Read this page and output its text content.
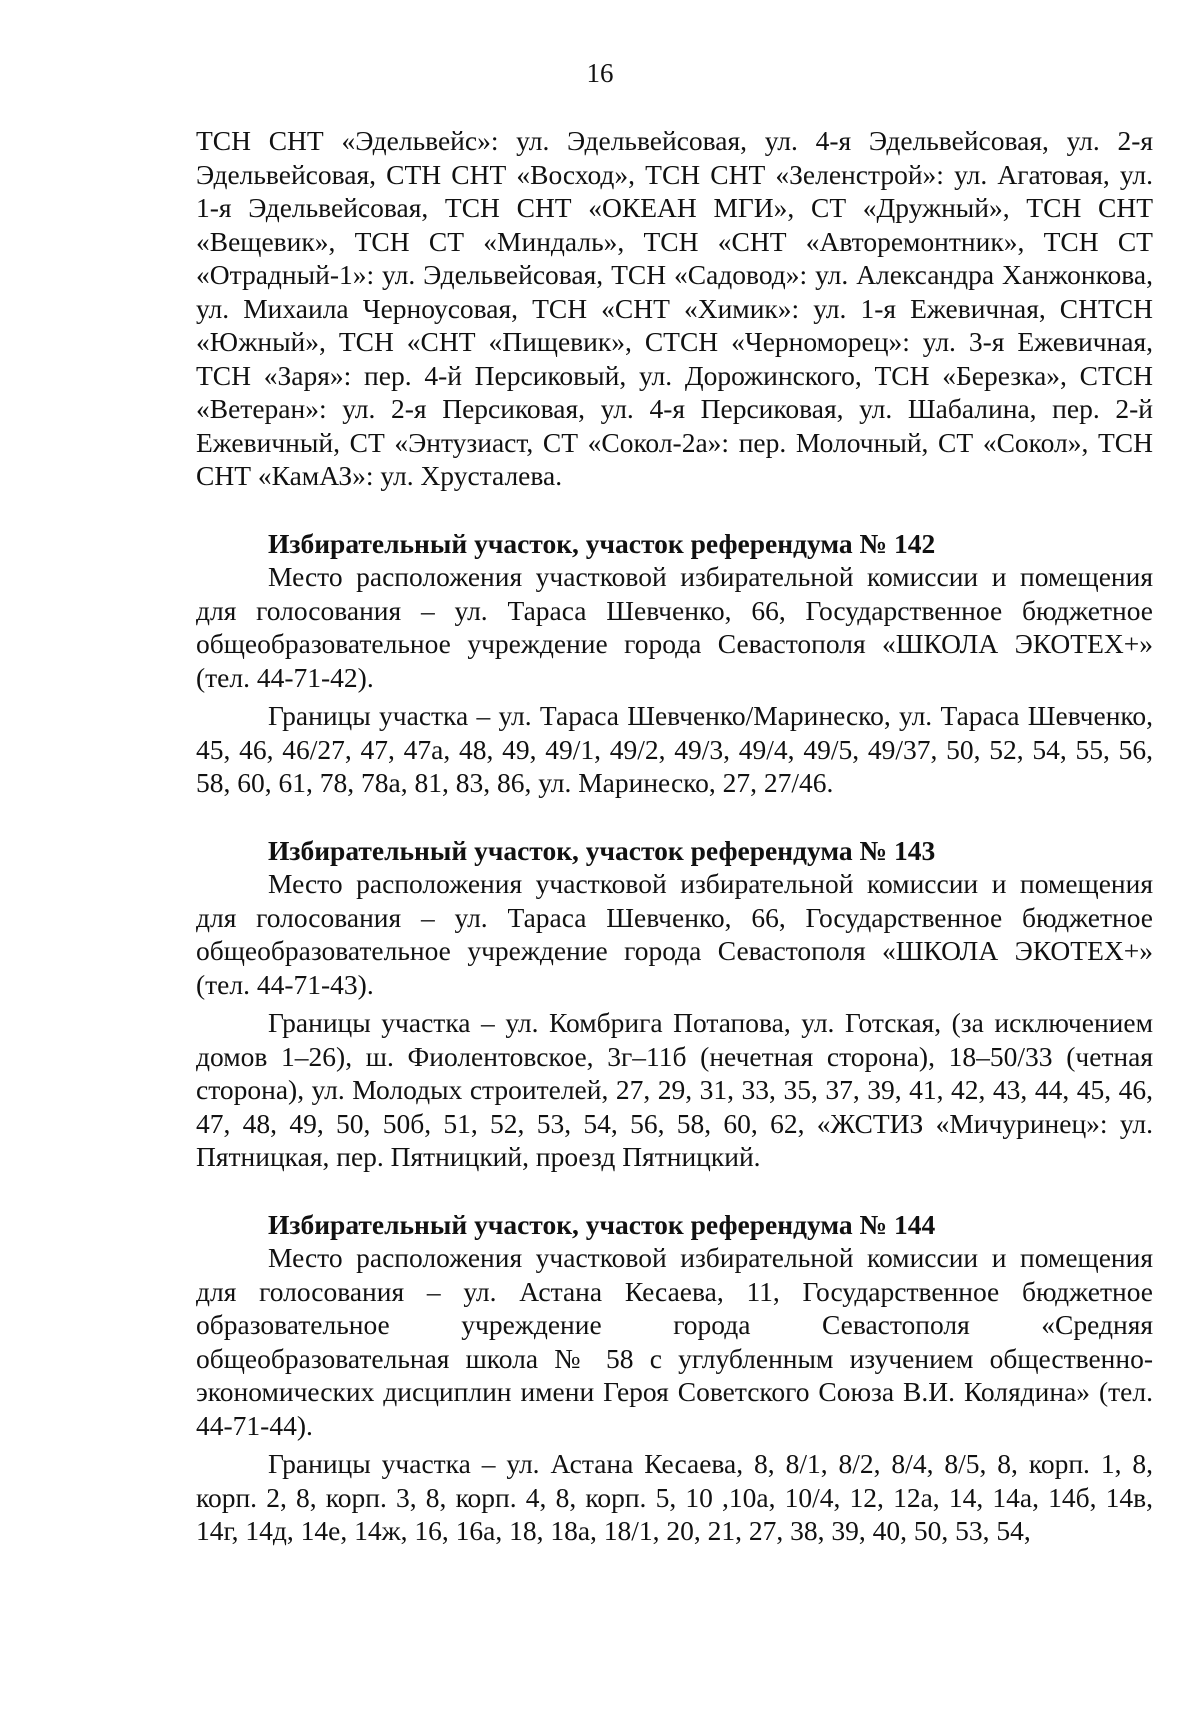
16

ТСН СНТ «Эдельвейс»: ул. Эдельвейсовая, ул. 4-я Эдельвейсовая, ул. 2-я Эдельвейсовая, СТН СНТ «Восход», ТСН СНТ «Зеленстрой»: ул. Агатовая, ул. 1-я Эдельвейсовая, ТСН СНТ «ОКЕАН МГИ», СТ «Дружный», ТСН СНТ «Вещевик», ТСН СТ «Миндаль», ТСН «СНТ «Авторемонтник», ТСН СТ «Отрадный-1»: ул. Эдельвейсовая, ТСН «Садовод»: ул. Александра Ханжонкова, ул. Михаила Черноусовая, ТСН «СНТ «Химик»: ул. 1-я Ежевичная, СНТСН «Южный», ТСН «СНТ «Пищевик», СТСН «Черноморец»: ул. 3-я Ежевичная, ТСН «Заря»: пер. 4-й Персиковый, ул. Дорожинского, ТСН «Березка», СТСН «Ветеран»: ул. 2-я Персиковая, ул. 4-я Персиковая, ул. Шабалина, пер. 2-й Ежевичный, СТ «Энтузиаст, СТ «Сокол-2а»: пер. Молочный, СТ «Сокол», ТСН СНТ «КамАЗ»: ул. Хрусталева.

Избирательный участок, участок референдума № 142

Место расположения участковой избирательной комиссии и помещения для голосования – ул. Тараса Шевченко, 66, Государственное бюджетное общеобразовательное учреждение города Севастополя «ШКОЛА ЭКОТЕХ+» (тел. 44-71-42).

Границы участка – ул. Тараса Шевченко/Маринеско, ул. Тараса Шевченко, 45, 46, 46/27, 47, 47а, 48, 49, 49/1, 49/2, 49/3, 49/4, 49/5, 49/37, 50, 52, 54, 55, 56, 58, 60, 61, 78, 78а, 81, 83, 86, ул. Маринеско, 27, 27/46.

Избирательный участок, участок референдума № 143

Место расположения участковой избирательной комиссии и помещения для голосования – ул. Тараса Шевченко, 66, Государственное бюджетное общеобразовательное учреждение города Севастополя «ШКОЛА ЭКОТЕХ+» (тел. 44-71-43).

Границы участка – ул. Комбрига Потапова, ул. Готская, (за исключением домов 1–26), ш. Фиолентовское, 3г–11б (нечетная сторона), 18–50/33 (четная сторона), ул. Молодых строителей, 27, 29, 31, 33, 35, 37, 39, 41, 42, 43, 44, 45, 46, 47, 48, 49, 50, 50б, 51, 52, 53, 54, 56, 58, 60, 62, «ЖСТИЗ «Мичуринец»: ул. Пятницкая, пер. Пятницкий, проезд Пятницкий.

Избирательный участок, участок референдума № 144

Место расположения участковой избирательной комиссии и помещения для голосования – ул. Астана Кесаева, 11, Государственное бюджетное образовательное учреждение города Севастополя «Средняя общеобразовательная школа № 58 с углубленным изучением общественно-экономических дисциплин имени Героя Советского Союза В.И. Колядина» (тел. 44-71-44).

Границы участка – ул. Астана Кесаева, 8, 8/1, 8/2, 8/4, 8/5, 8, корп. 1, 8, корп. 2, 8, корп. 3, 8, корп. 4, 8, корп. 5, 10 ,10а, 10/4, 12, 12а, 14, 14а, 14б, 14в, 14г, 14д, 14е, 14ж, 16, 16а, 18, 18а, 18/1, 20, 21, 27, 38, 39, 40, 50, 53, 54,
